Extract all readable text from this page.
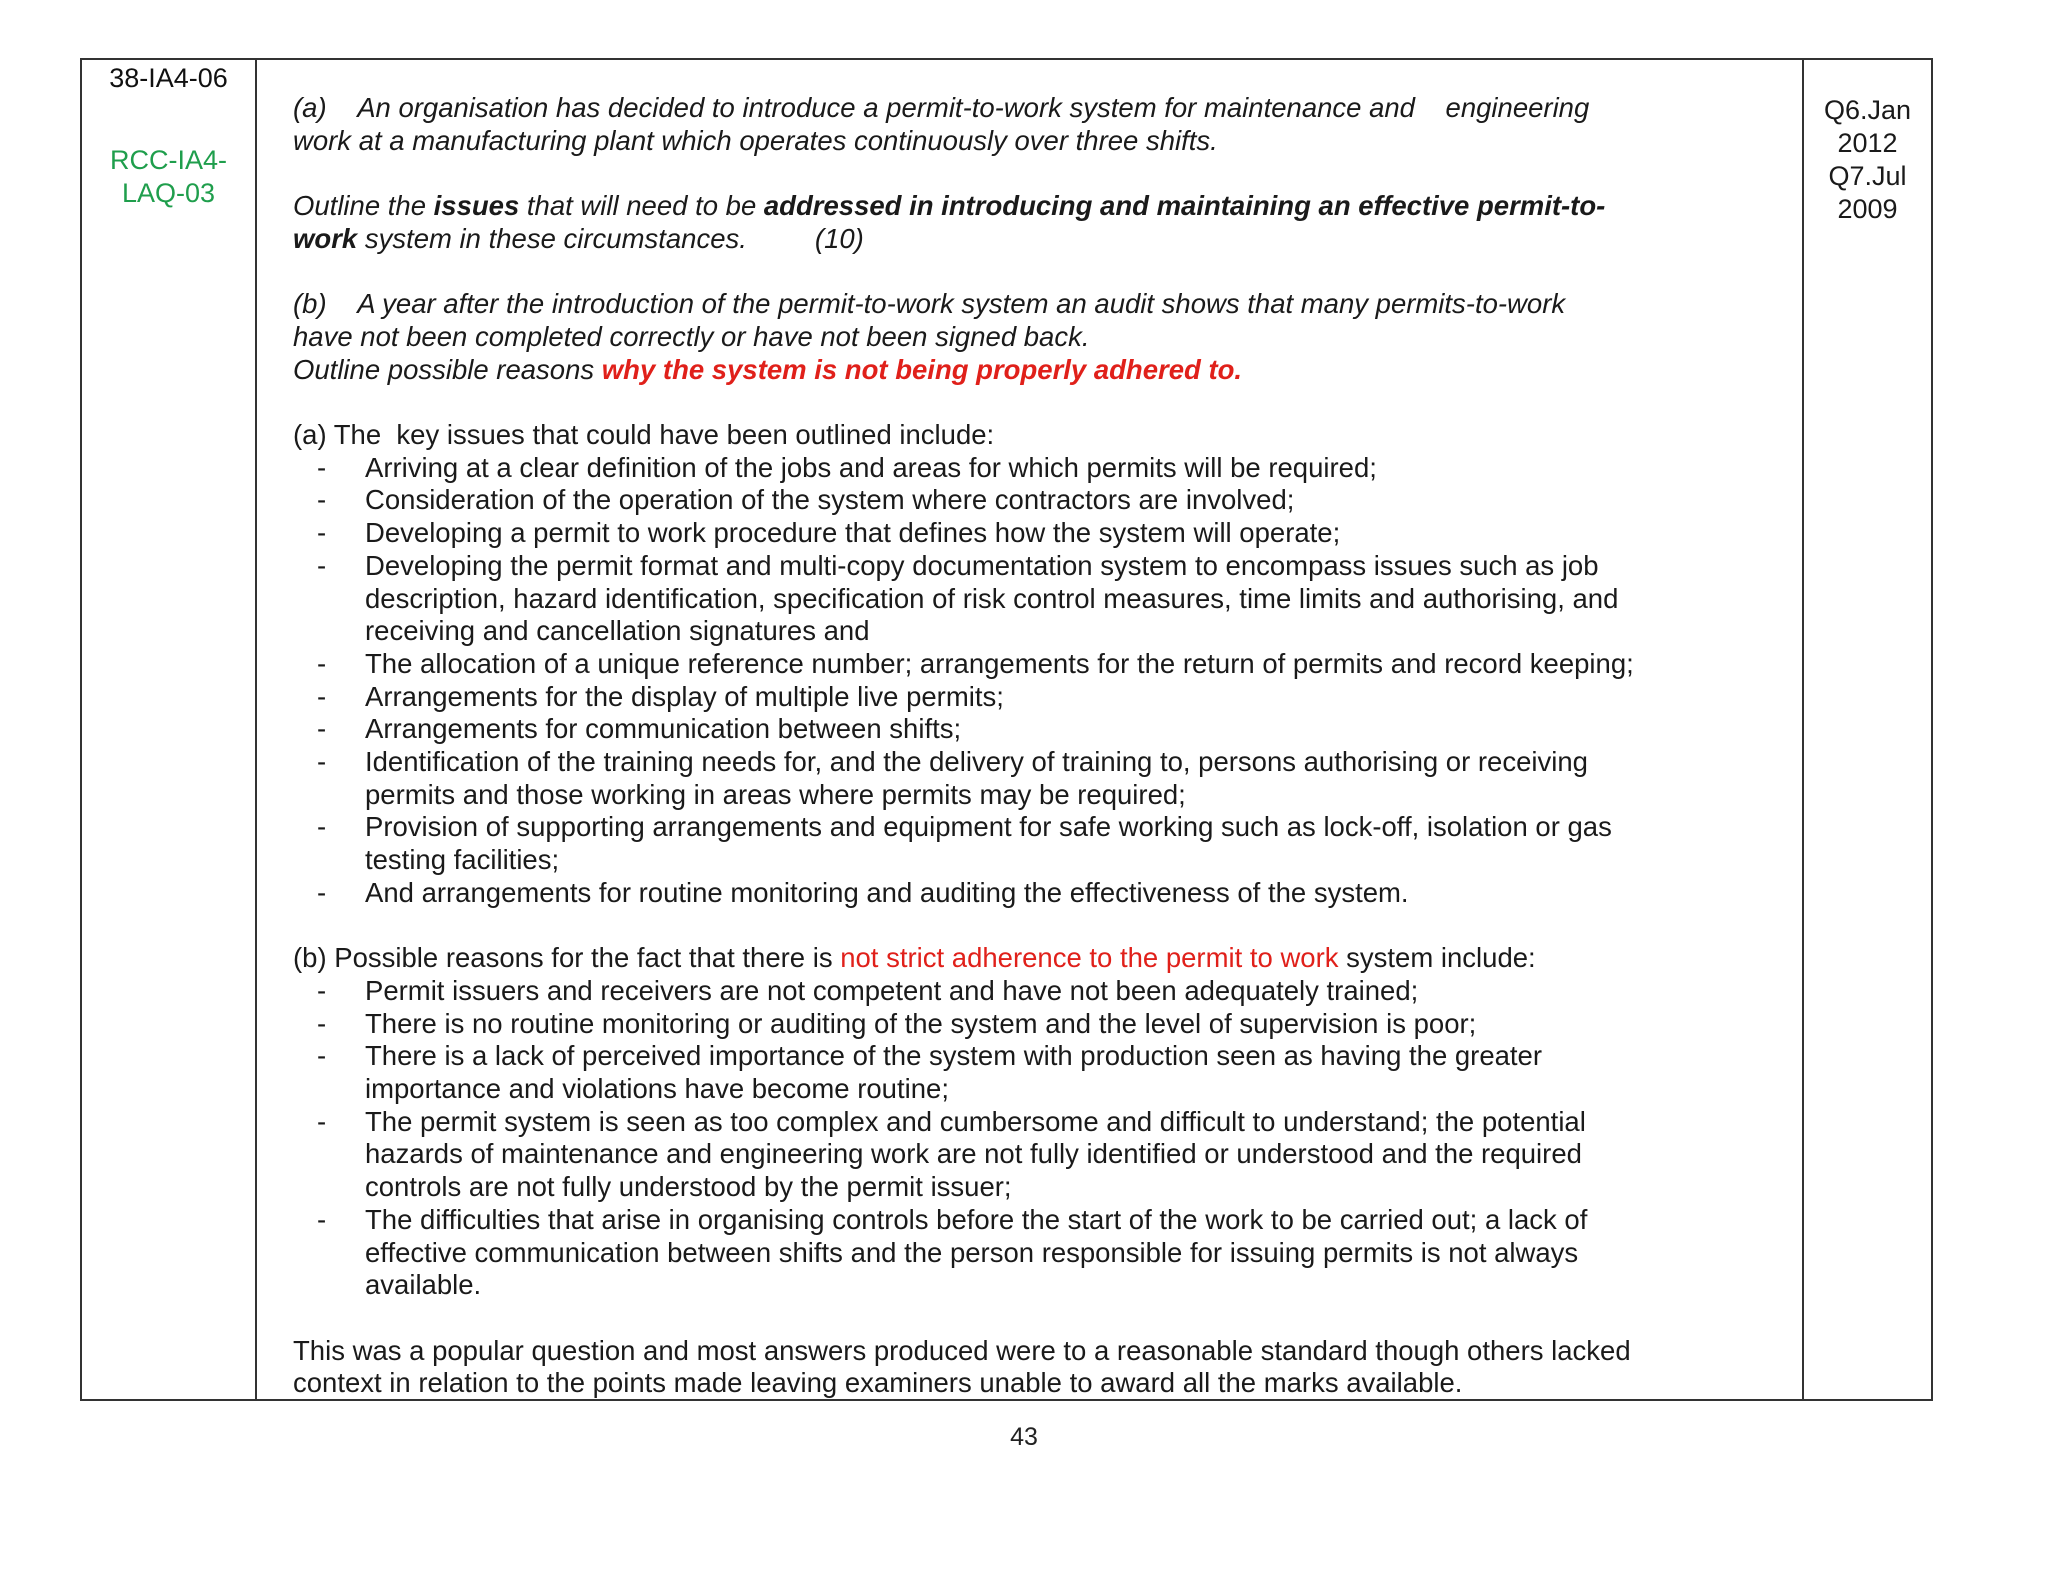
38-IA4-06
RCC-IA4-
LAQ-03
(a) An organisation has decided to introduce a permit-to-work system for maintenance and    engineering
work at a manufacturing plant which operates continuously over three shifts.
Outline the issues that will need to be addressed in introducing and maintaining an effective permit-to-
work system in these circumstances. (10)
(b) A year after the introduction of the permit-to-work system an audit shows that many permits-to-work
have not been completed correctly or have not been signed back.
Outline possible reasons why the system is not being properly adhered to.
(a) The  key issues that could have been outlined include:
- Arriving at a clear definition of the jobs and areas for which permits will be required;
- Consideration of the operation of the system where contractors are involved;
- Developing a permit to work procedure that defines how the system will operate;
- Developing the permit format and multi-copy documentation system to encompass issues such as job
description, hazard identification, specification of risk control measures, time limits and authorising, and
receiving and cancellation signatures and
- The allocation of a unique reference number; arrangements for the return of permits and record keeping;
- Arrangements for the display of multiple live permits;
- Arrangements for communication between shifts;
- Identification of the training needs for, and the delivery of training to, persons authorising or receiving
permits and those working in areas where permits may be required;
- Provision of supporting arrangements and equipment for safe working such as lock-off, isolation or gas
testing facilities;
- And arrangements for routine monitoring and auditing the effectiveness of the system.
(b) Possible reasons for the fact that there is not strict adherence to the permit to work system include:
- Permit issuers and receivers are not competent and have not been adequately trained;
- There is no routine monitoring or auditing of the system and the level of supervision is poor;
- There is a lack of perceived importance of the system with production seen as having the greater
importance and violations have become routine;
- The permit system is seen as too complex and cumbersome and difficult to understand; the potential
hazards of maintenance and engineering work are not fully identified or understood and the required
controls are not fully understood by the permit issuer;
- The difficulties that arise in organising controls before the start of the work to be carried out; a lack of
effective communication between shifts and the person responsible for issuing permits is not always
available.
This was a popular question and most answers produced were to a reasonable standard though others lacked
context in relation to the points made leaving examiners unable to award all the marks available.
Q6.Jan 2012
Q7.Jul 2009
43
